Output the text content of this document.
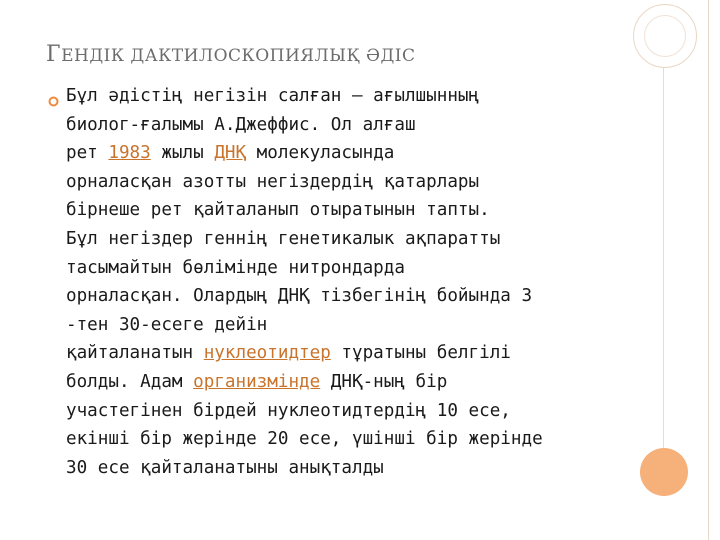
ГЕНДІК ДАКТИЛОСКОПИЯЛЫҚ ӘДІС
Бұл әдістің негізін салған — ағылшынның
биолог-ғалымы А.Джеффис. Ол алғаш
рет 1983 жылы ДНҚ молекуласында
орналасқан азотты негіздердің қатарлары
бірнеше рет қайталанып отыратынын тапты.
Бұл негіздер геннің генетикалык ақпаратты
тасымайтын бөлімінде нитрондарда
орналасқан. Олардың ДНҚ тізбегінің бойында 3
-тен 30-есеге дейін
қайталанатын нуклеотидтер тұратыны белгілі
болды. Адам организмінде ДНҚ-ның бір
участегінен бірдей нуклеотидтердің 10 есе,
екінші бір жерінде 20 есе, үшінші бір жерінде
30 есе қайталанатыны анықталды
